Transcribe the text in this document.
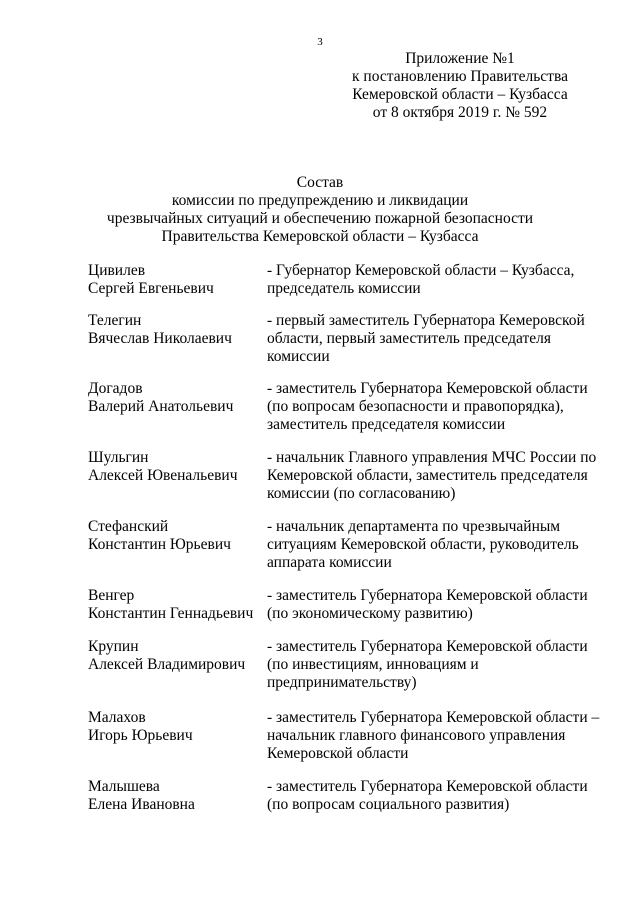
3
Приложение №1
к постановлению Правительства
Кемеровской области – Кузбасса
от 8 октября 2019 г. № 592
Состав
комиссии по предупреждению и ликвидации
чрезвычайных ситуаций и обеспечению пожарной безопасности
Правительства Кемеровской области – Кузбасса
Цивилев
Сергей Евгеньевич
- Губернатор Кемеровской области – Кузбасса,
председатель комиссии
Телегин
Вячеслав Николаевич
- первый заместитель Губернатора Кемеровской
области, первый заместитель председателя
комиссии
Догадов
Валерий Анатольевич
- заместитель Губернатора Кемеровской области
(по вопросам безопасности и правопорядка),
заместитель председателя комиссии
Шульгин
Алексей Ювенальевич
- начальник Главного управления МЧС России по
Кемеровской области, заместитель председателя
комиссии (по согласованию)
Стефанский
Константин Юрьевич
- начальник департамента по чрезвычайным
ситуациям Кемеровской области, руководитель
аппарата комиссии
Венгер
Константин Геннадьевич
- заместитель Губернатора Кемеровской области
(по экономическому развитию)
Крупин
Алексей Владимирович
- заместитель Губернатора Кемеровской области
(по инвестициям, инновациям и
предпринимательству)
Малахов
Игорь Юрьевич
- заместитель Губернатора Кемеровской области –
начальник главного финансового управления
Кемеровской области
Малышева
Елена Ивановна
- заместитель Губернатора Кемеровской области
(по вопросам социального развития)
